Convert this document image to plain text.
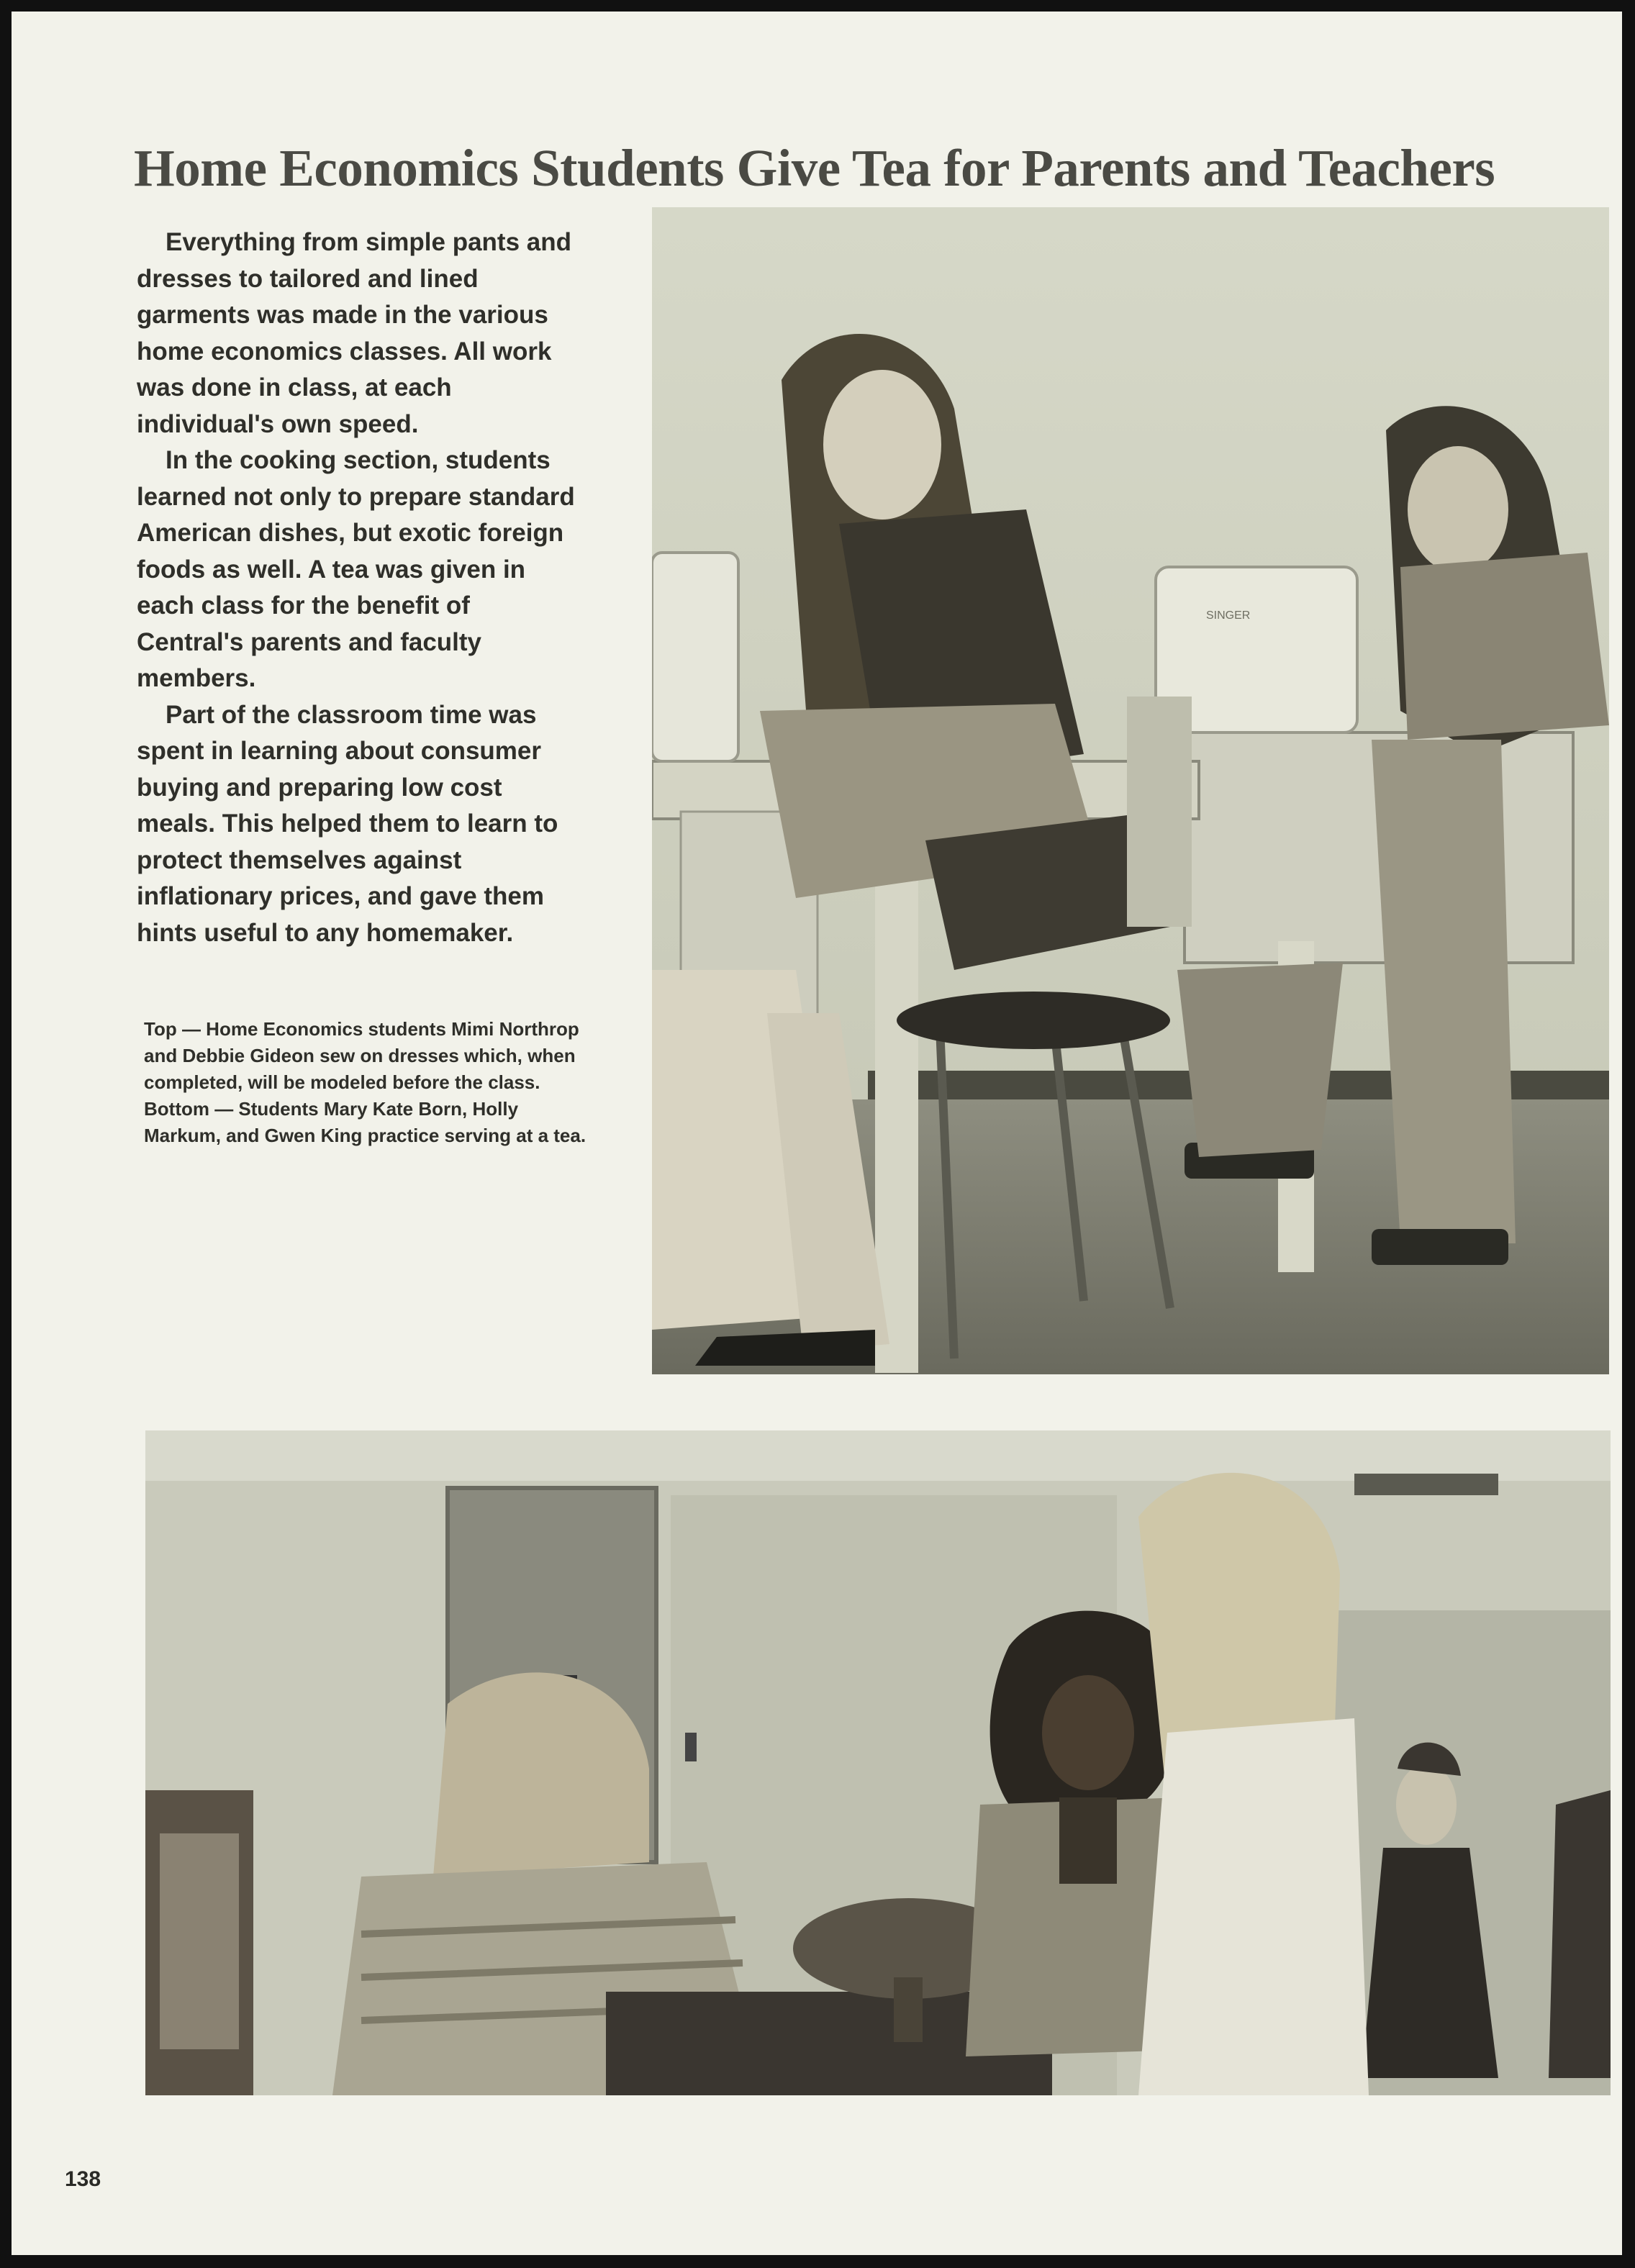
Home Economics Students Give Tea for Parents and Teachers

Everything from simple pants and dresses to tailored and lined garments was made in the various home economics classes. All work was done in class, at each individual's own speed.

In the cooking section, students learned not only to prepare standard American dishes, but exotic foreign foods as well. A tea was given in each class for the benefit of Central's parents and faculty members.

Part of the classroom time was spent in learning about consumer buying and preparing low cost meals. This helped them to learn to protect themselves against inflationary prices, and gave them hints useful to any homemaker.

Top — Home Economics students Mimi Northrop and Debbie Gideon sew on dresses which, when completed, will be modeled before the class.

Bottom — Students Mary Kate Born, Holly Markum, and Gwen King practice serving at a tea.

SINGER
138
